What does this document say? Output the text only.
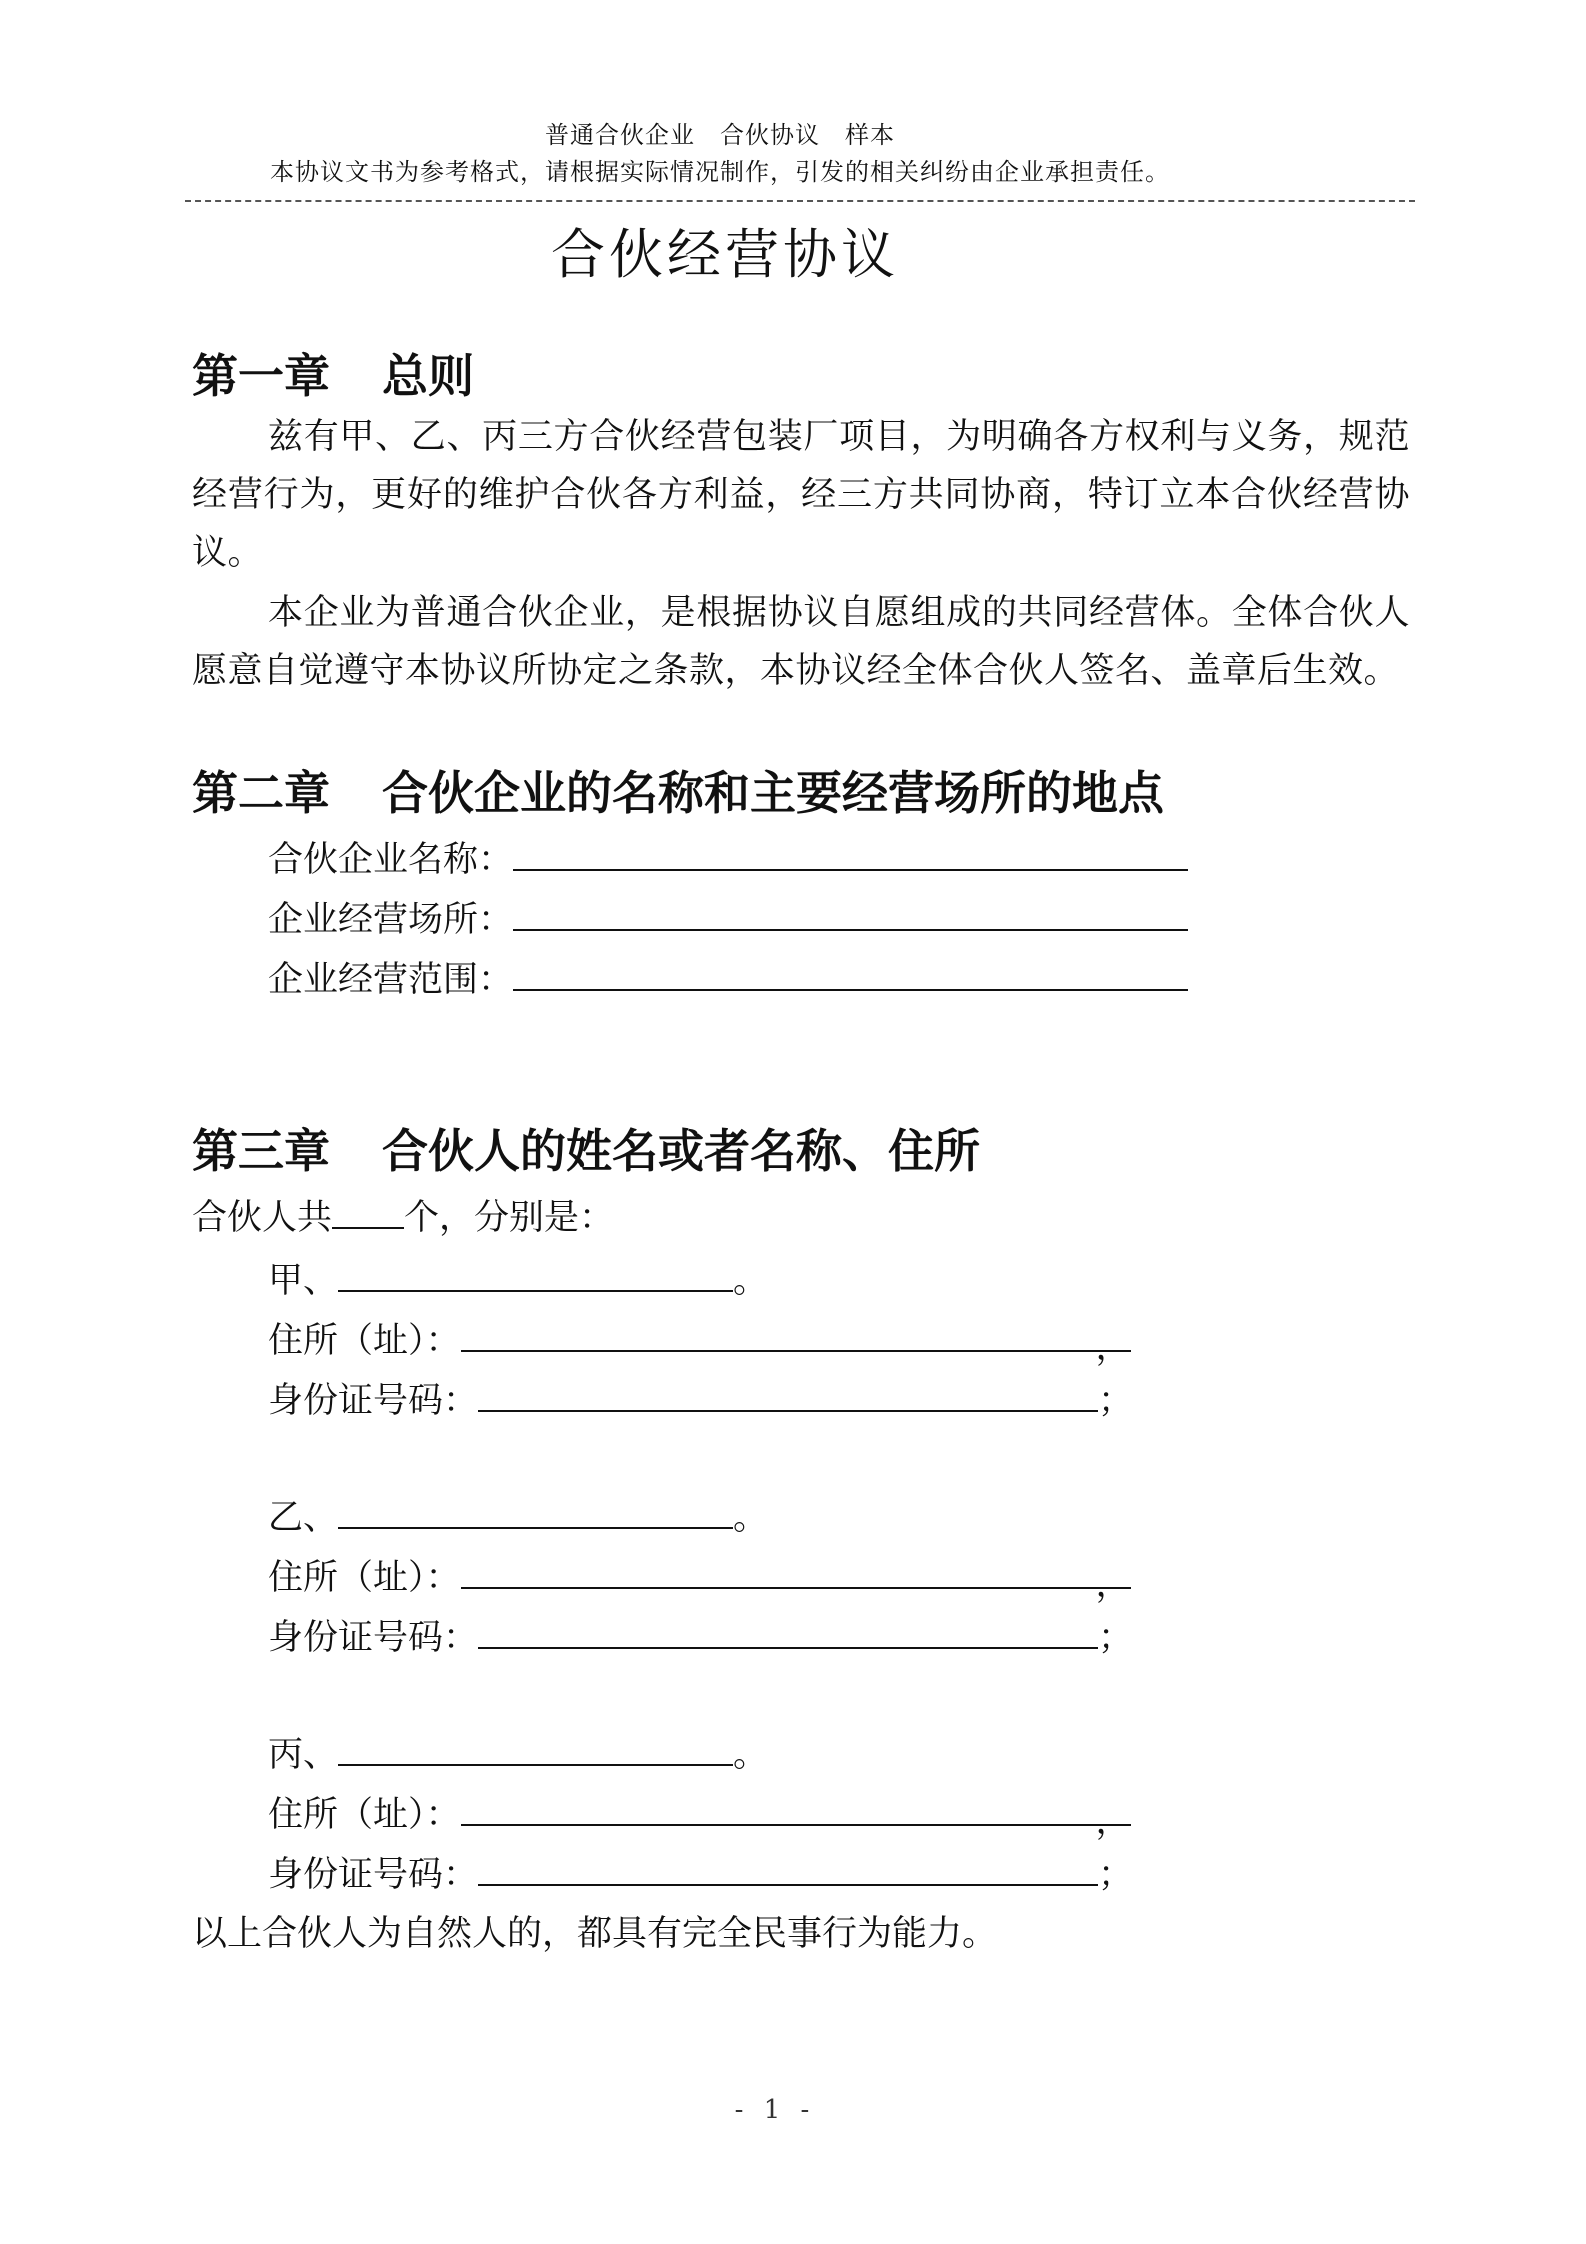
普通合伙企业　合伙协议　样本
本协议文书为参考格式，请根据实际情况制作，引发的相关纠纷由企业承担责任。
合伙经营协议
第一章 总则
兹有甲、乙、丙三方合伙经营包装厂项目，为明确各方权利与义务，规范经营行为，更好的维护合伙各方利益，经三方共同协商，特订立本合伙经营协议。
本企业为普通合伙企业，是根据协议自愿组成的共同经营体。全体合伙人愿意自觉遵守本协议所协定之条款，本协议经全体合伙人签名、盖章后生效。
第二章 合伙企业的名称和主要经营场所的地点
合伙企业名称：
企业经营场所：
企业经营范围：
第三章 合伙人的姓名或者名称、住所
合伙人共 个，分别是：
甲、	。
住所（址）：	，
身份证号码：	；
乙、	。
住所（址）：	，
身份证号码：	；
丙、	。
住所（址）：	，
身份证号码：	；
以上合伙人为自然人的，都具有完全民事行为能力。
- 1 -
